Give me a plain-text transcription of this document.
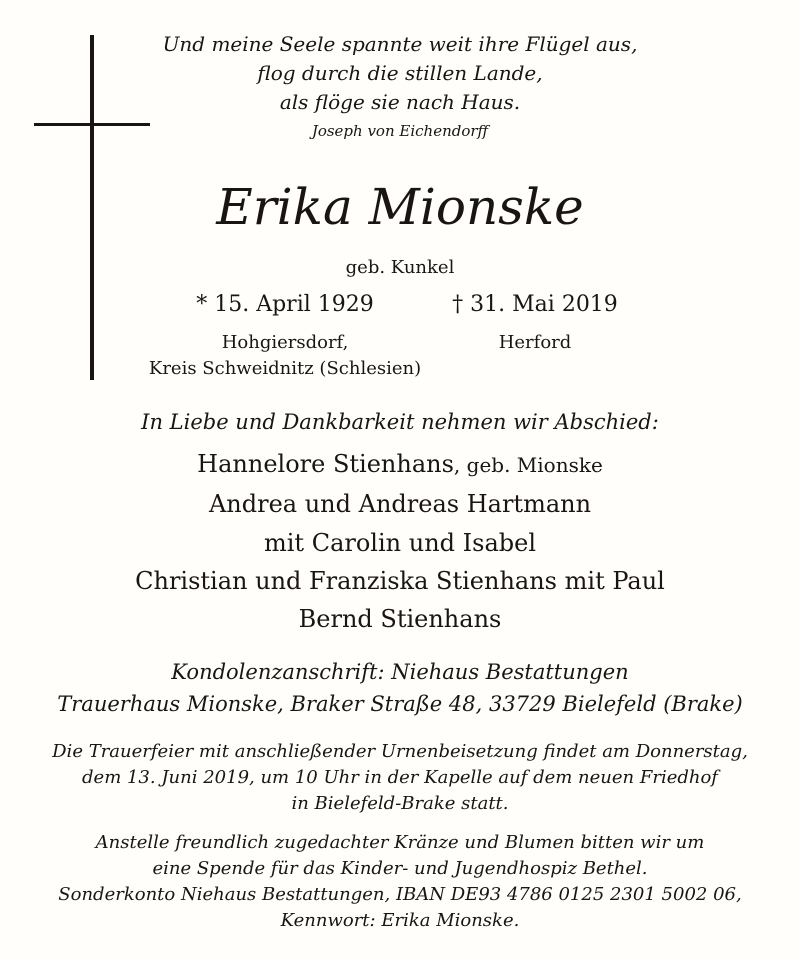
Und meine Seele spannte weit ihre Flügel aus,
flog durch die stillen Lande,
als flöge sie nach Haus.
Joseph von Eichendorff
Erika Mionske
geb. Kunkel
* 15. April 1929	† 31. Mai 2019
Hohgiersdorf,
Kreis Schweidnitz (Schlesien)
Herford
In Liebe und Dankbarkeit nehmen wir Abschied:
Hannelore Stienhans, geb. Mionske
Andrea und Andreas Hartmann
mit Carolin und Isabel
Christian und Franziska Stienhans mit Paul
Bernd Stienhans
Kondolenzanschrift: Niehaus Bestattungen
Trauerhaus Mionske, Braker Straße 48, 33729 Bielefeld (Brake)
Die Trauerfeier mit anschließender Urnenbeisetzung findet am Donnerstag,
dem 13. Juni 2019, um 10 Uhr in der Kapelle auf dem neuen Friedhof
in Bielefeld-Brake statt.
Anstelle freundlich zugedachter Kränze und Blumen bitten wir um
eine Spende für das Kinder- und Jugendhospiz Bethel.
Sonderkonto Niehaus Bestattungen, IBAN DE93 4786 0125 2301 5002 06,
Kennwort: Erika Mionske.
